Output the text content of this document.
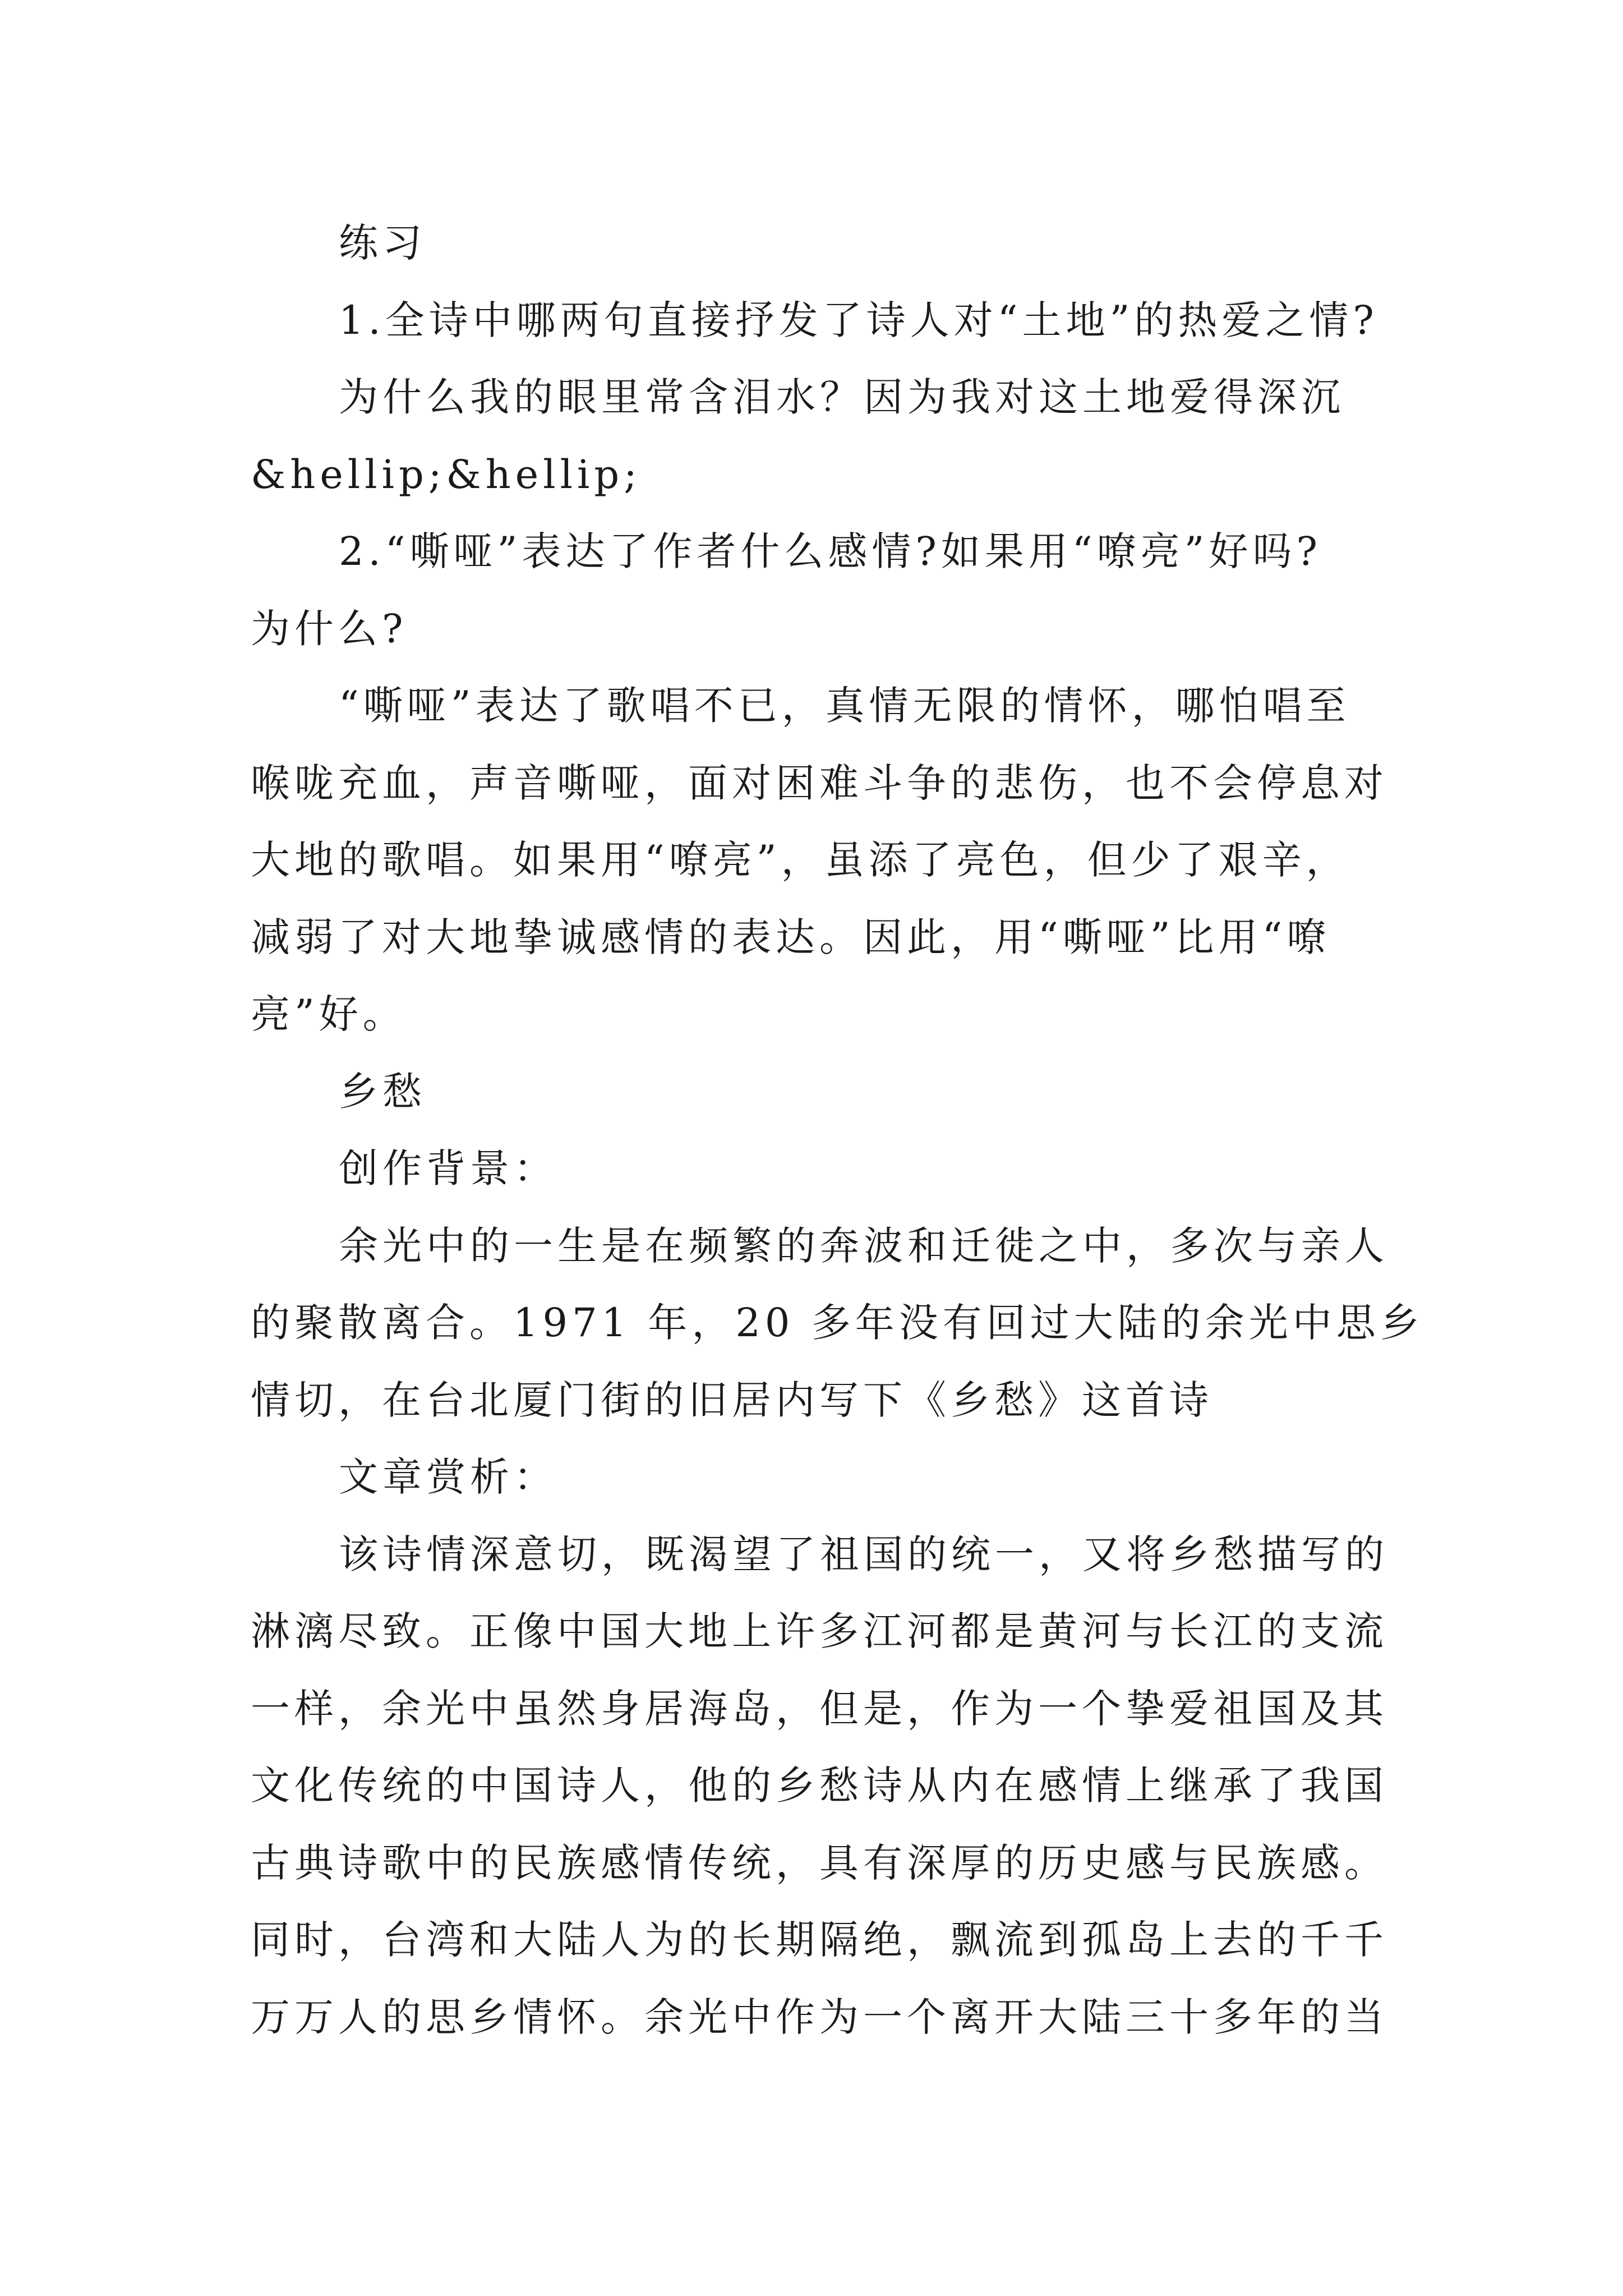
练习
1.全诗中哪两句直接抒发了诗人对“土地”的热爱之情?
为什么我的眼里常含泪水？因为我对这土地爱得深沉
&hellip;&hellip;
2.“嘶哑”表达了作者什么感情?如果用“嘹亮”好吗?
为什么?
“嘶哑”表达了歌唱不已，真情无限的情怀，哪怕唱至
喉咙充血，声音嘶哑，面对困难斗争的悲伤，也不会停息对
大地的歌唱。如果用“嘹亮”，虽添了亮色，但少了艰辛，
减弱了对大地挚诚感情的表达。因此，用“嘶哑”比用“嘹
亮”好。
乡愁
创作背景：
余光中的一生是在频繁的奔波和迁徙之中，多次与亲人
的聚散离合。1971 年，20 多年没有回过大陆的余光中思乡
情切，在台北厦门街的旧居内写下《乡愁》这首诗
文章赏析：
该诗情深意切，既渴望了祖国的统一，又将乡愁描写的
淋漓尽致。正像中国大地上许多江河都是黄河与长江的支流
一样，余光中虽然身居海岛，但是，作为一个挚爱祖国及其
文化传统的中国诗人，他的乡愁诗从内在感情上继承了我国
古典诗歌中的民族感情传统，具有深厚的历史感与民族感。
同时，台湾和大陆人为的长期隔绝，飘流到孤岛上去的千千
万万人的思乡情怀。余光中作为一个离开大陆三十多年的当
